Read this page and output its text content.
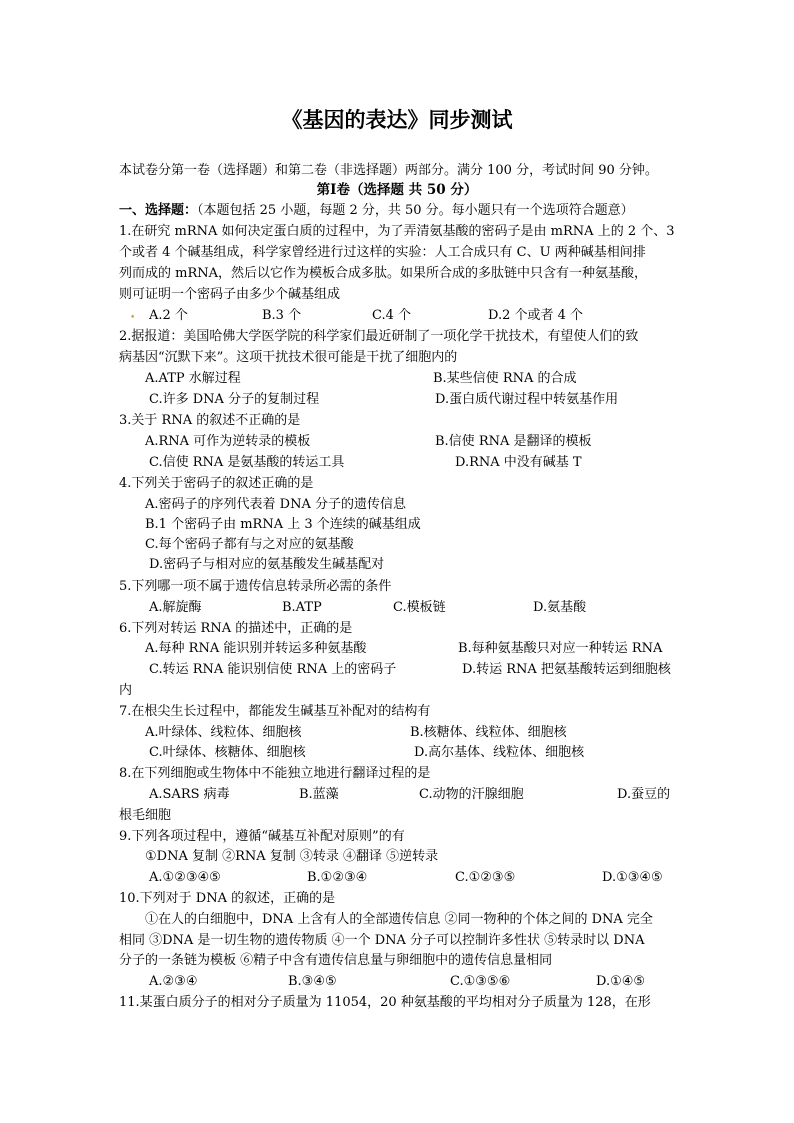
《基因的表达》同步测试
本试卷分第一卷（选择题）和第二卷（非选择题）两部分。满分 100 分，考试时间 90 分钟。
第Ⅰ卷（选择题 共 50 分）
一、选择题：（本题包括 25 小题，每题 2 分，共 50 分。每小题只有一个选项符合题意）
1.在研究 mRNA 如何决定蛋白质的过程中，为了弄清氨基酸的密码子是由 mRNA 上的 2 个、3
个或者 4 个碱基组成，科学家曾经进行过这样的实验：人工合成只有 C、U 两种碱基相间排
列而成的 mRNA，然后以它作为模板合成多肽。如果所合成的多肽链中只含有一种氨基酸，
则可证明一个密码子由多少个碱基组成
• A.2 个	B.3 个	C.4 个	D.2 个或者 4 个
2.据报道：美国哈佛大学医学院的科学家们最近研制了一项化学干扰技术，有望使人们的致
病基因“沉默下来”。这项干扰技术很可能是干扰了细胞内的
A.ATP 水解过程	B.某些信使 RNA 的合成
C.许多 DNA 分子的复制过程	D.蛋白质代谢过程中转氨基作用
3.关于 RNA 的叙述不正确的是
A.RNA 可作为逆转录的模板	B.信使 RNA 是翻译的模板
C.信使 RNA 是氨基酸的转运工具	D.RNA 中没有碱基 T
4.下列关于密码子的叙述正确的是
A.密码子的序列代表着 DNA 分子的遗传信息
B.1 个密码子由 mRNA 上 3 个连续的碱基组成
C.每个密码子都有与之对应的氨基酸
D.密码子与相对应的氨基酸发生碱基配对
5.下列哪一项不属于遗传信息转录所必需的条件
A.解旋酶	B.ATP	C.模板链	D.氨基酸
6.下列对转运 RNA 的描述中，正确的是
A.每种 RNA 能识别并转运多种氨基酸	B.每种氨基酸只对应一种转运 RNA
C.转运 RNA 能识别信使 RNA 上的密码子	D.转运 RNA 把氨基酸转运到细胞核
内
7.在根尖生长过程中，都能发生碱基互补配对的结构有
A.叶绿体、线粒体、细胞核	B.核糖体、线粒体、细胞核
C.叶绿体、核糖体、细胞核	D.高尔基体、线粒体、细胞核
8.在下列细胞或生物体中不能独立地进行翻译过程的是
A.SARS 病毒	B.蓝藻	C.动物的汗腺细胞	D.蚕豆的
根毛细胞
9.下列各项过程中，遵循“碱基互补配对原则”的有
①DNA 复制 ②RNA 复制 ③转录 ④翻译 ⑤逆转录
A.①②③④⑤	B.①②③④	C.①②③⑤	D.①③④⑤
10.下列对于 DNA 的叙述，正确的是
①在人的白细胞中，DNA 上含有人的全部遗传信息 ②同一物种的个体之间的 DNA 完全
相同 ③DNA 是一切生物的遗传物质 ④一个 DNA 分子可以控制许多性状 ⑤转录时以 DNA
分子的一条链为模板 ⑥精子中含有遗传信息量与卵细胞中的遗传信息量相同
A.②③④	B.③④⑤	C.①③⑤⑥	D.①④⑤
11.某蛋白质分子的相对分子质量为 11054，20 种氨基酸的平均相对分子质量为 128，在形
